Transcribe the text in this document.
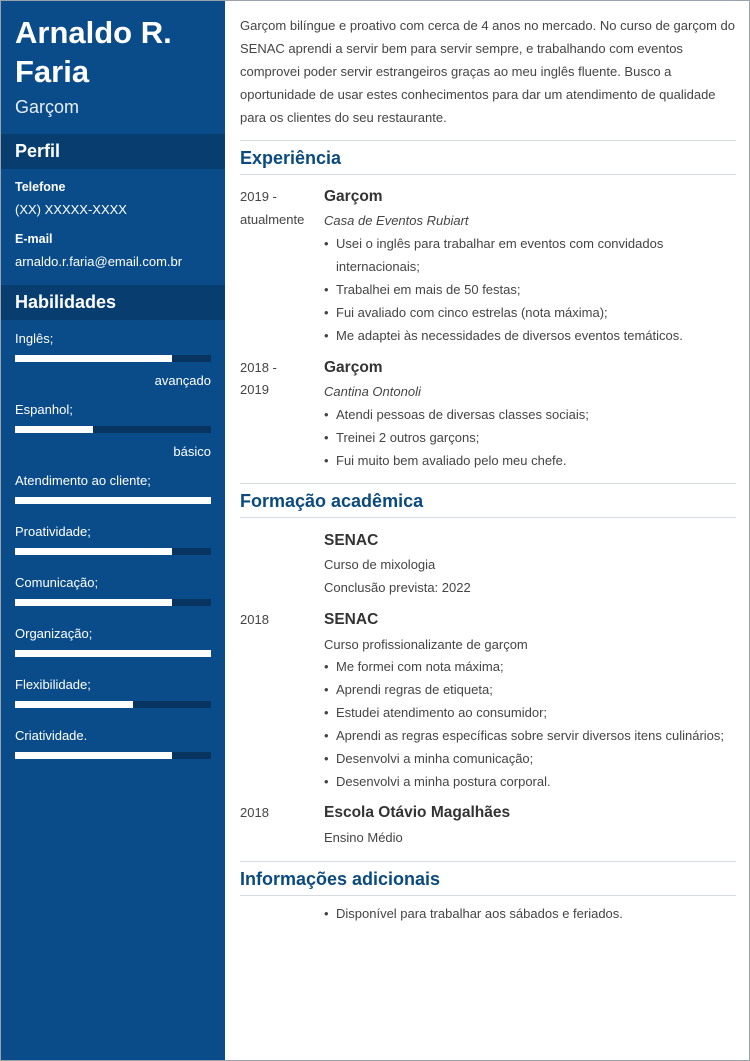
Arnaldo R. Faria
Garçom
Perfil
Telefone
(XX) XXXXX-XXXX
E-mail
arnaldo.r.faria@email.com.br
Habilidades
Inglês;
avançado
Espanhol;
básico
Atendimento ao cliente;
Proatividade;
Comunicação;
Organização;
Flexibilidade;
Criatividade.

Garçom bilíngue e proativo com cerca de 4 anos no mercado. No curso de garçom do SENAC aprendi a servir bem para servir sempre, e trabalhando com eventos comprovei poder servir estrangeiros graças ao meu inglês fluente. Busco a oportunidade de usar estes conhecimentos para dar um atendimento de qualidade para os clientes do seu restaurante.

Experiência
2019 -
atualmente
Garçom
Casa de Eventos Rubiart
• Usei o inglês para trabalhar em eventos com convidados internacionais;
• Trabalhei em mais de 50 festas;
• Fui avaliado com cinco estrelas (nota máxima);
• Me adaptei às necessidades de diversos eventos temáticos.
2018 -
2019
Garçom
Cantina Ontonoli
• Atendi pessoas de diversas classes sociais;
• Treinei 2 outros garçons;
• Fui muito bem avaliado pelo meu chefe.
Formação acadêmica
SENAC
Curso de mixologia
Conclusão prevista: 2022
2018	SENAC
Curso profissionalizante de garçom
• Me formei com nota máxima;
• Aprendi regras de etiqueta;
• Estudei atendimento ao consumidor;
• Aprendi as regras específicas sobre servir diversos itens culinários;
• Desenvolvi a minha comunicação;
• Desenvolvi a minha postura corporal.
2018	Escola Otávio Magalhães
Ensino Médio
Informações adicionais
• Disponível para trabalhar aos sábados e feriados.
